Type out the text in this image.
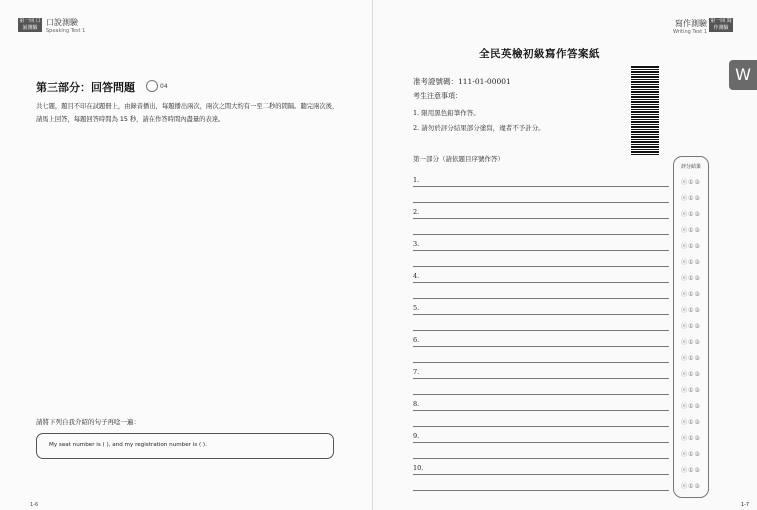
第一回 口說測驗
口說測驗
Speaking Test 1
第三部分：回答問題	04
共七題，題目不印在試題冊上，由錄音播出，每題播出兩次，兩次之間大約有一至二秒的間隔。聽完兩次後，請馬上回答，每題回答時間為 15 秒，請在作答時間內盡量的表達。
請將下列自我介紹的句子再唸一遍：
My seat number is ( ), and my registration number is ( ).
1-6
寫作測驗
Writing Test 1
第一回 寫作測驗
W
全民英檢初級寫作答案紙
准考證號碼：111-01-00001
考生注意事項：
1. 限用黑色鉛筆作答。
2. 請勿於評分結果部分塗寫，違者不予計分。
第一部分（請依題目序號作答）
1.
2.
3.
4.
5.
6.
7.
8.
9.
10.
評分結果
⓪①②
⓪①②
⓪①②
⓪①②
⓪①②
⓪①②
⓪①②
⓪①②
⓪①②
⓪①②
⓪①②
⓪①②
⓪①②
⓪①②
⓪①②
⓪①②
⓪①②
⓪①②
⓪①②
⓪①②
1-7
